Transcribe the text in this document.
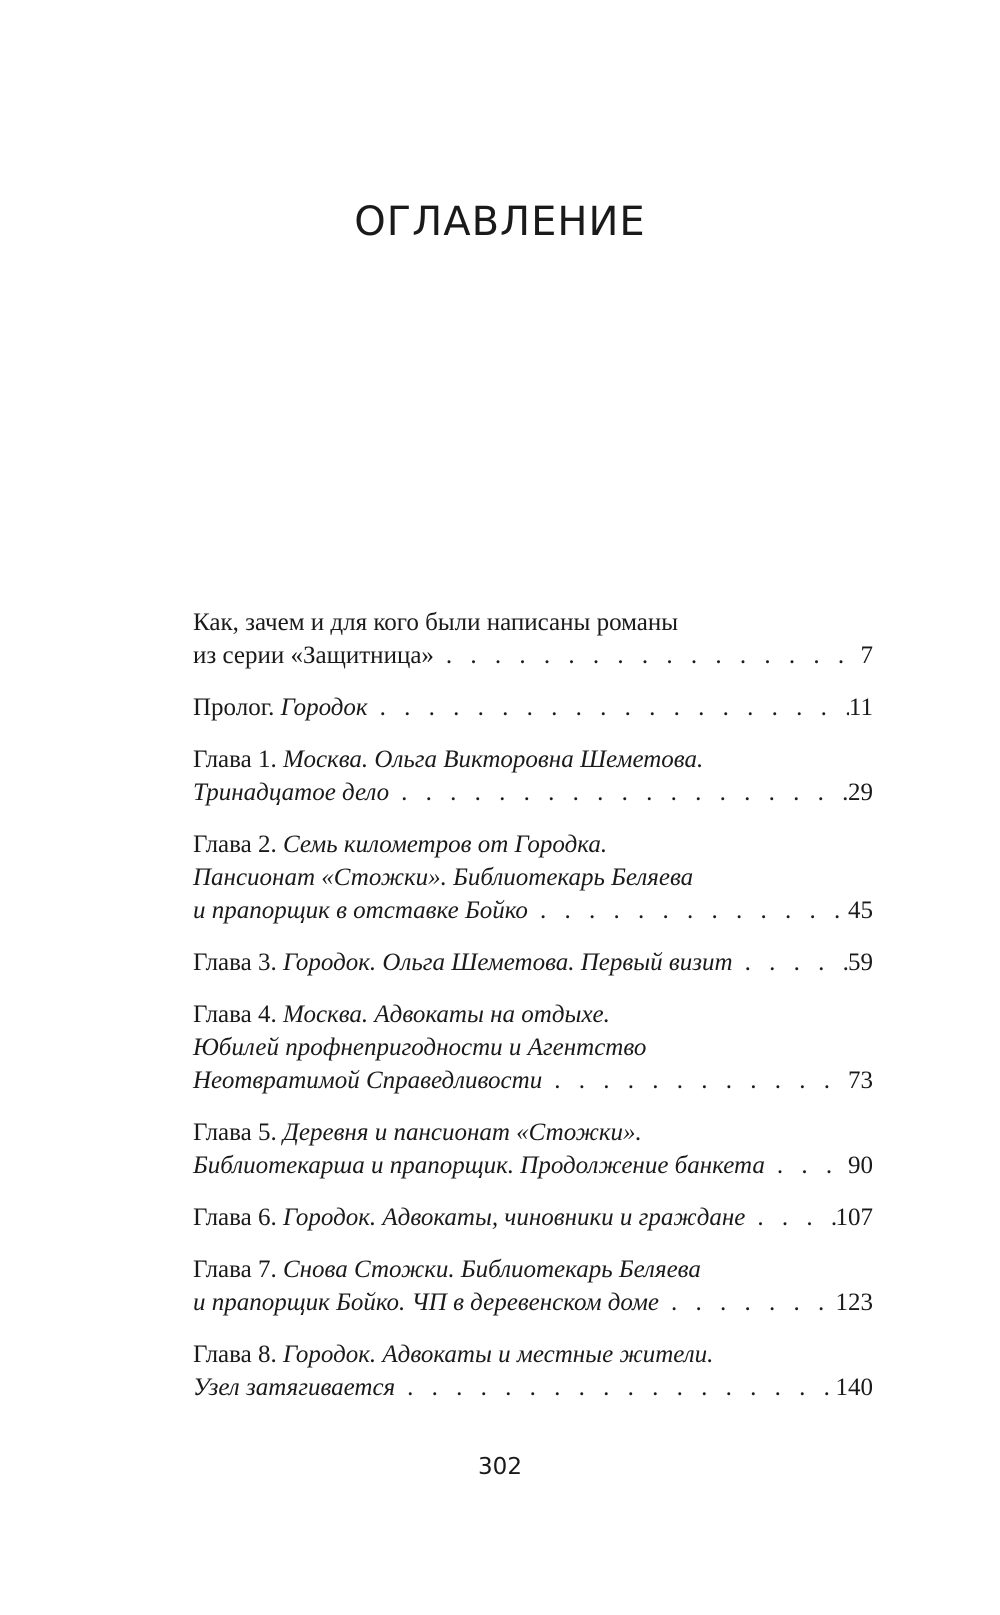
ОГЛАВЛЕНИЕ
Как, зачем и для кого были написаны романы
из серии «Защитница» . . .	7
Пролог.
Городок . . .	11
Глава 1. Москва. Ольга Викторовна Шеметова.
Тринадцатое дело . . .	29
Глава 2. Семь километров от Городка.
Пансионат «Стожки». Библиотекарь Беляева
и прапорщик в отставке Бойко . . .	45
Глава 3.
Городок. Ольга Шеметова. Первый визит . . .	59
Глава 4. Москва. Адвокаты на отдыхе.
Юбилей профнепригодности и Агентство
Неотвратимой Справедливости . . .	73
Глава 5. Деревня и пансионат «Стожки».
Библиотекарша и прапорщик. Продолжение банкета . . .	90
Глава 6.
Городок. Адвокаты, чиновники и граждане . . .	107
Глава 7. Снова Стожки. Библиотекарь Беляева
и прапорщик Бойко. ЧП в деревенском доме . . .	123
Глава 8. Городок. Адвокаты и местные жители.
Узел затягивается . . .	140
302
